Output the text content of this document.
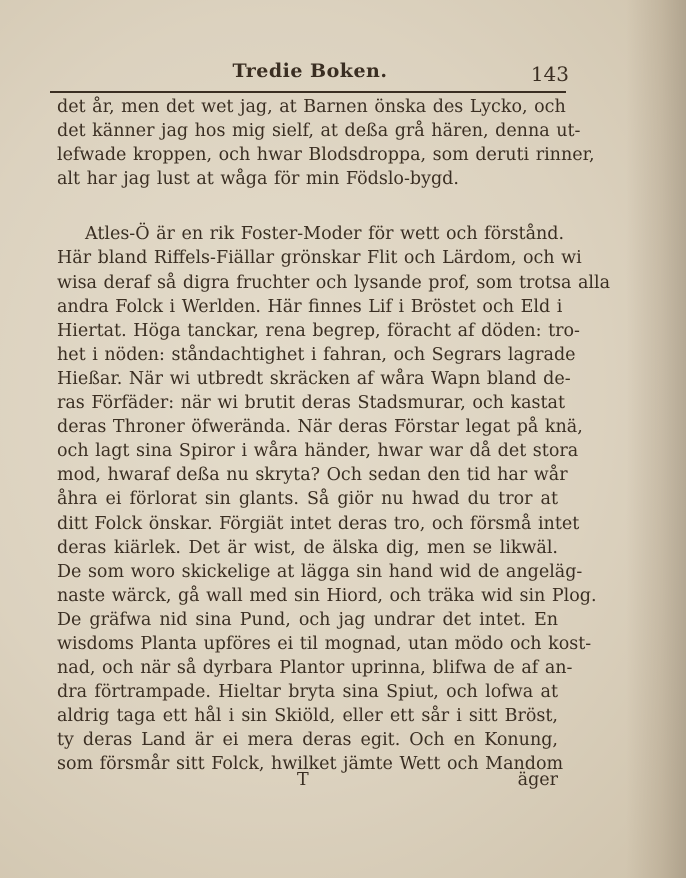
Tredie Boken.	143
det år, men det wet jag, at Barnen önska des Lycko, och
det känner jag hos mig sielf, at deßa grå hären, denna ut-
lefwade kroppen, och hwar Blodsdroppa, som deruti rinner,
alt har jag lust at wåga för min Födslo-bygd.
Atles-Ö är en rik Foster-Moder för wett och förstånd.
Här bland Riffels-Fiällar grönskar Flit och Lärdom, och wi
wisa deraf så digra fruchter och lysande prof, som trotsa alla
andra Folck i Werlden. Här finnes Lif i Bröstet och Eld i
Hiertat. Höga tanckar, rena begrep, föracht af döden: tro-
het i nöden: ståndachtighet i fahran, och Segrars lagrade
Hießar. När wi utbredt skräcken af wåra Wapn bland de-
ras Förfäder: när wi brutit deras Stadsmurar, och kastat
deras Throner öfwerända. När deras Förstar legat på knä,
och lagt sina Spiror i wåra händer, hwar war då det stora
mod, hwaraf deßa nu skryta? Och sedan den tid har wår
åhra ei förlorat sin glants. Så giör nu hwad du tror at
ditt Folck önskar. Förgiät intet deras tro, och försmå intet
deras kiärlek. Det är wist, de älska dig, men se likwäl.
De som woro skickelige at lägga sin hand wid de angeläg-
naste wärck, gå wall med sin Hiord, och träka wid sin Plog.
De gräfwa nid sina Pund, och jag undrar det intet. En
wisdoms Planta upföres ei til mognad, utan mödo och kost-
nad, och när så dyrbara Plantor uprinna, blifwa de af an-
dra förtrampade. Hieltar bryta sina Spiut, och lofwa at
aldrig taga ett hål i sin Skiöld, eller ett sår i sitt Bröst,
ty deras Land är ei mera deras egit. Och en Konung,
som försmår sitt Folck, hwilket jämte Wett och Mandom
T	äger
